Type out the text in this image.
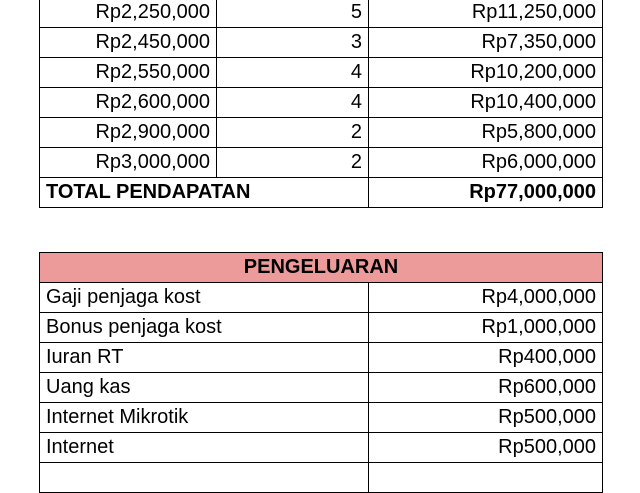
Rp2,250,000	5	Rp11,250,000
Rp2,450,000	3	Rp7,350,000
Rp2,550,000	4	Rp10,200,000
Rp2,600,000	4	Rp10,400,000
Rp2,900,000	2	Rp5,800,000
Rp3,000,000	2	Rp6,000,000
TOTAL PENDAPATAN		Rp77,000,000
PENGELUARAN	
Gaji penjaga kost	Rp4,000,000
Bonus penjaga kost	Rp1,000,000
Iuran RT	Rp400,000
Uang kas	Rp600,000
Internet Mikrotik	Rp500,000
Internet	Rp500,000
